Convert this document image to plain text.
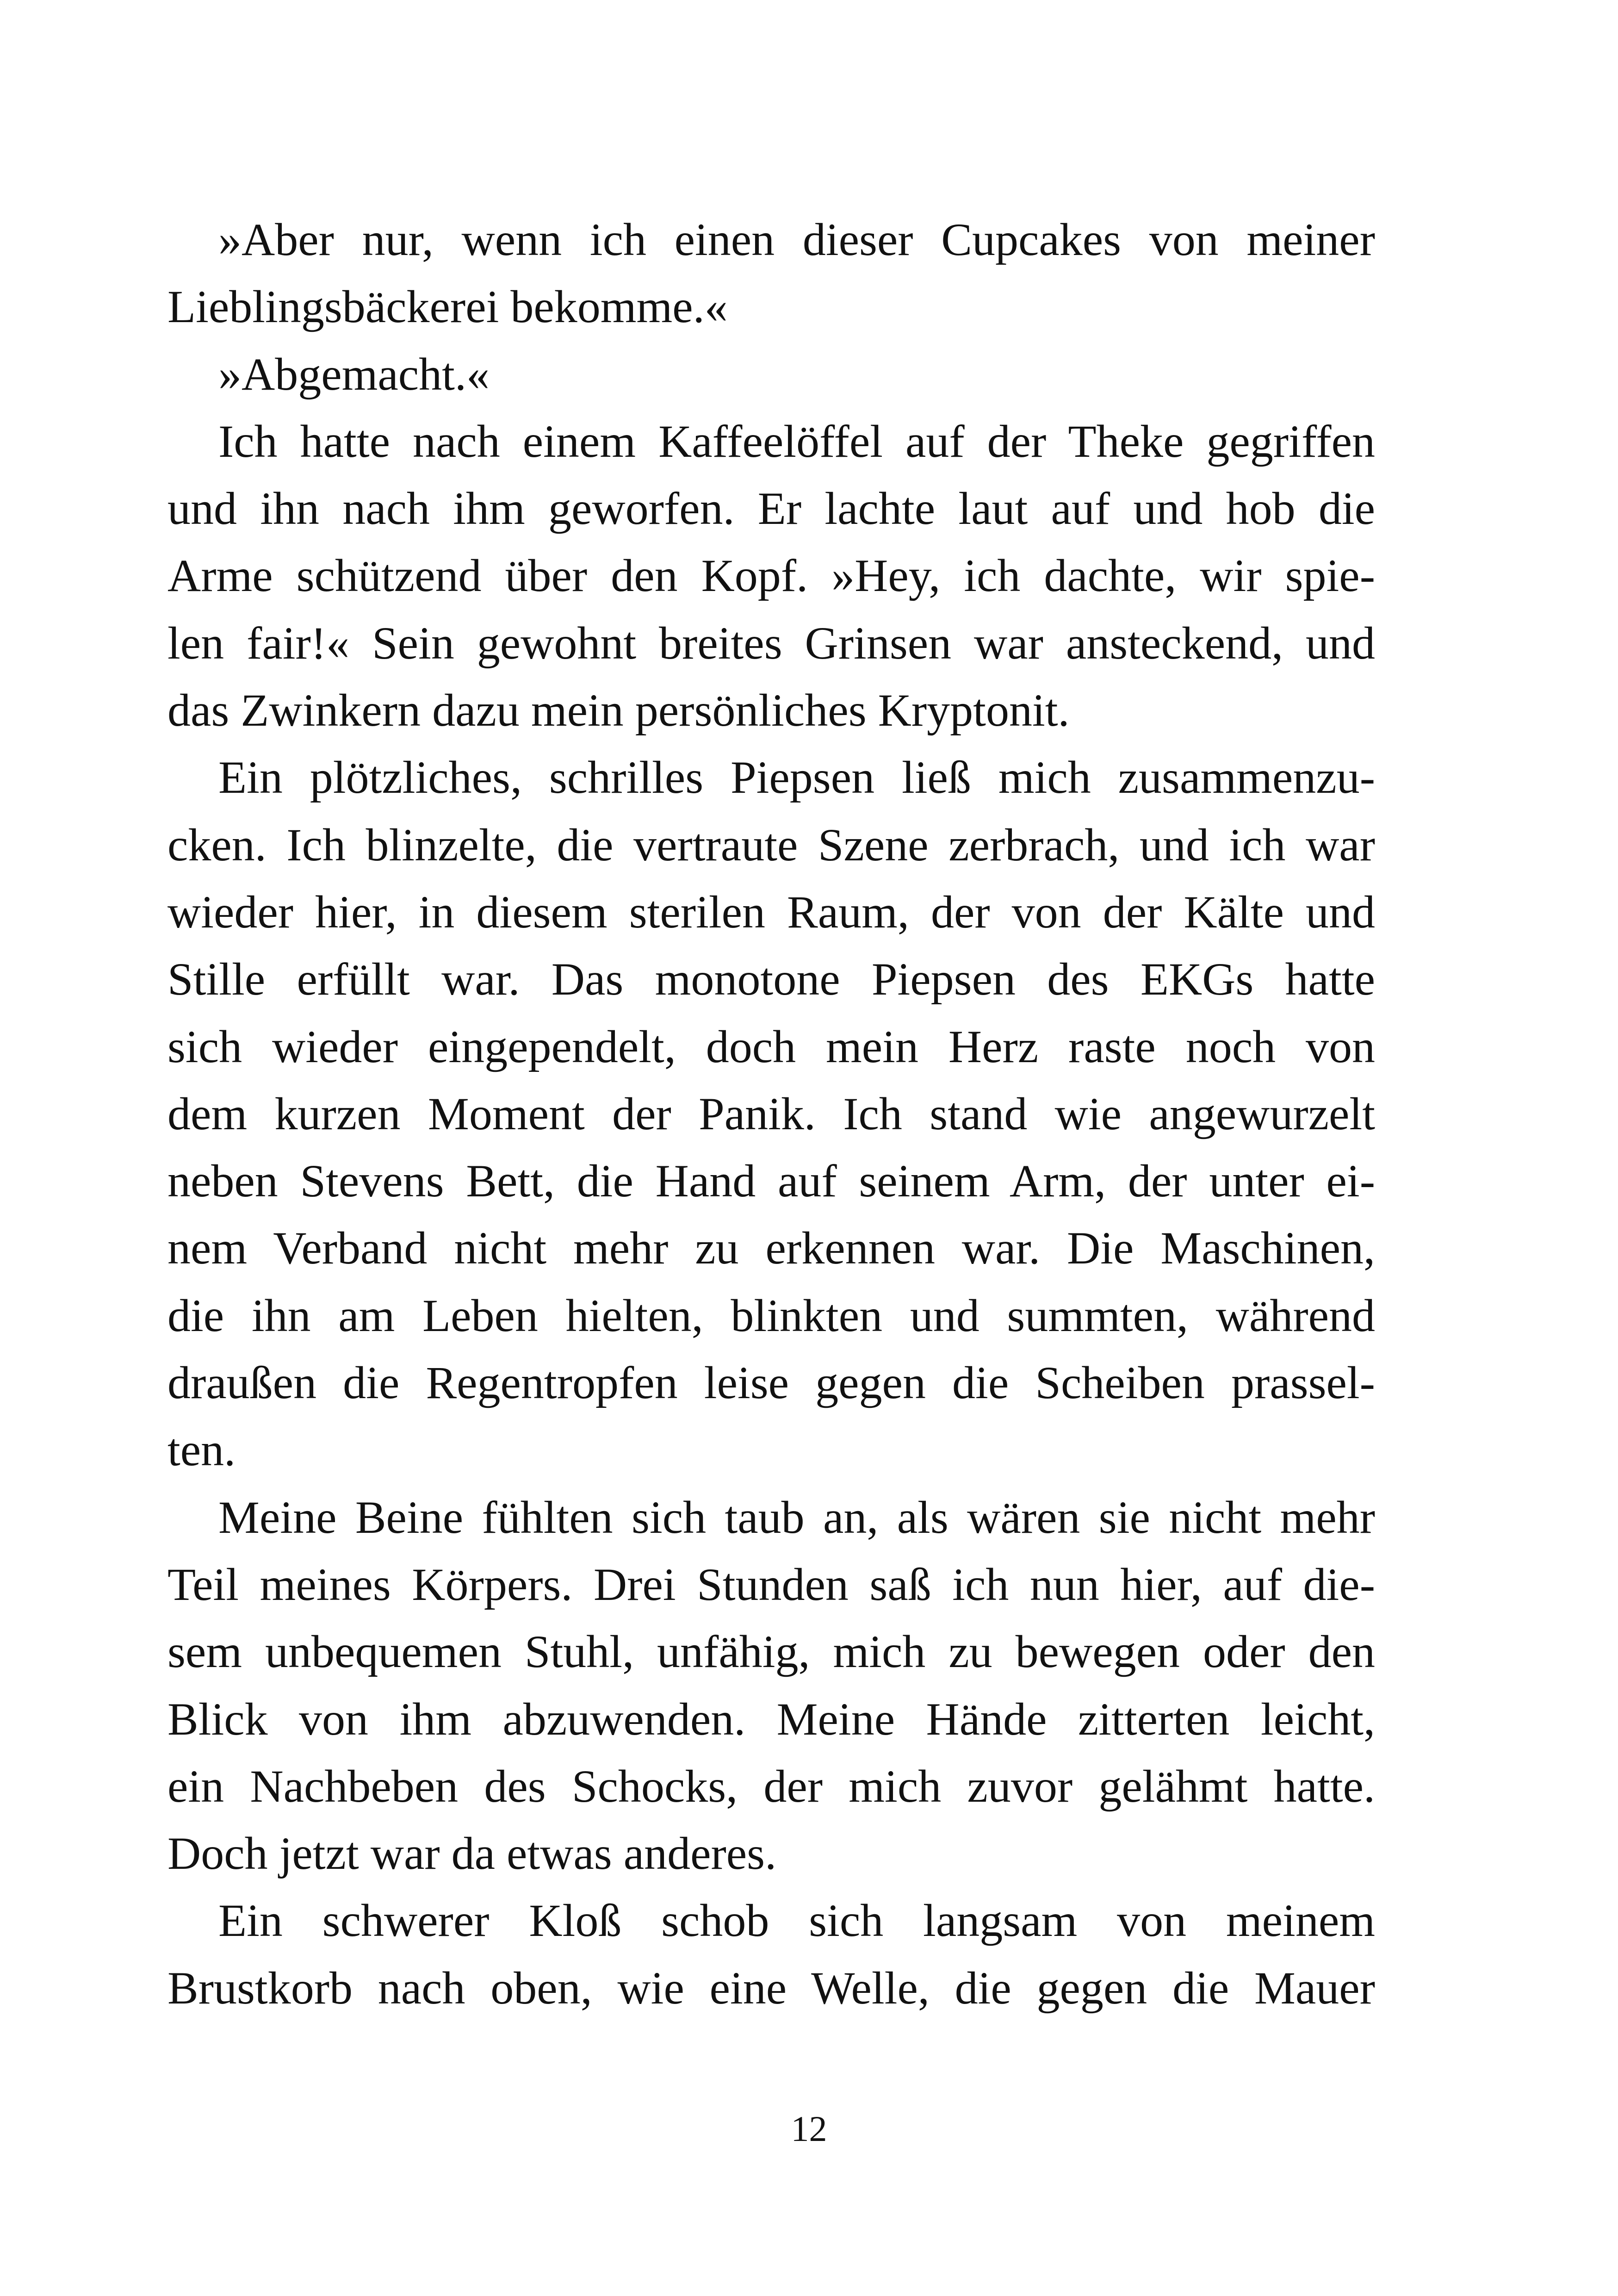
»Aber nur, wenn ich einen dieser Cupcakes von meiner
Lieblingsbäckerei bekomme.«
»Abgemacht.«
Ich hatte nach einem Kaffeelöffel auf der Theke gegriffen
und ihn nach ihm geworfen. Er lachte laut auf und hob die
Arme schützend über den Kopf. »Hey, ich dachte, wir spie-
len fair!« Sein gewohnt breites Grinsen war ansteckend, und
das Zwinkern dazu mein persönliches Kryptonit.
Ein plötzliches, schrilles Piepsen ließ mich zusammenzu-
cken. Ich blinzelte, die vertraute Szene zerbrach, und ich war
wieder hier, in diesem sterilen Raum, der von der Kälte und
Stille erfüllt war. Das monotone Piepsen des EKGs hatte
sich wieder eingependelt, doch mein Herz raste noch von
dem kurzen Moment der Panik. Ich stand wie angewurzelt
neben Stevens Bett, die Hand auf seinem Arm, der unter ei-
nem Verband nicht mehr zu erkennen war. Die Maschinen,
die ihn am Leben hielten, blinkten und summten, während
draußen die Regentropfen leise gegen die Scheiben prassel-
ten.
Meine Beine fühlten sich taub an, als wären sie nicht mehr
Teil meines Körpers. Drei Stunden saß ich nun hier, auf die-
sem unbequemen Stuhl, unfähig, mich zu bewegen oder den
Blick von ihm abzuwenden. Meine Hände zitterten leicht,
ein Nachbeben des Schocks, der mich zuvor gelähmt hatte.
Doch jetzt war da etwas anderes.
Ein schwerer Kloß schob sich langsam von meinem
Brustkorb nach oben, wie eine Welle, die gegen die Mauer
12
